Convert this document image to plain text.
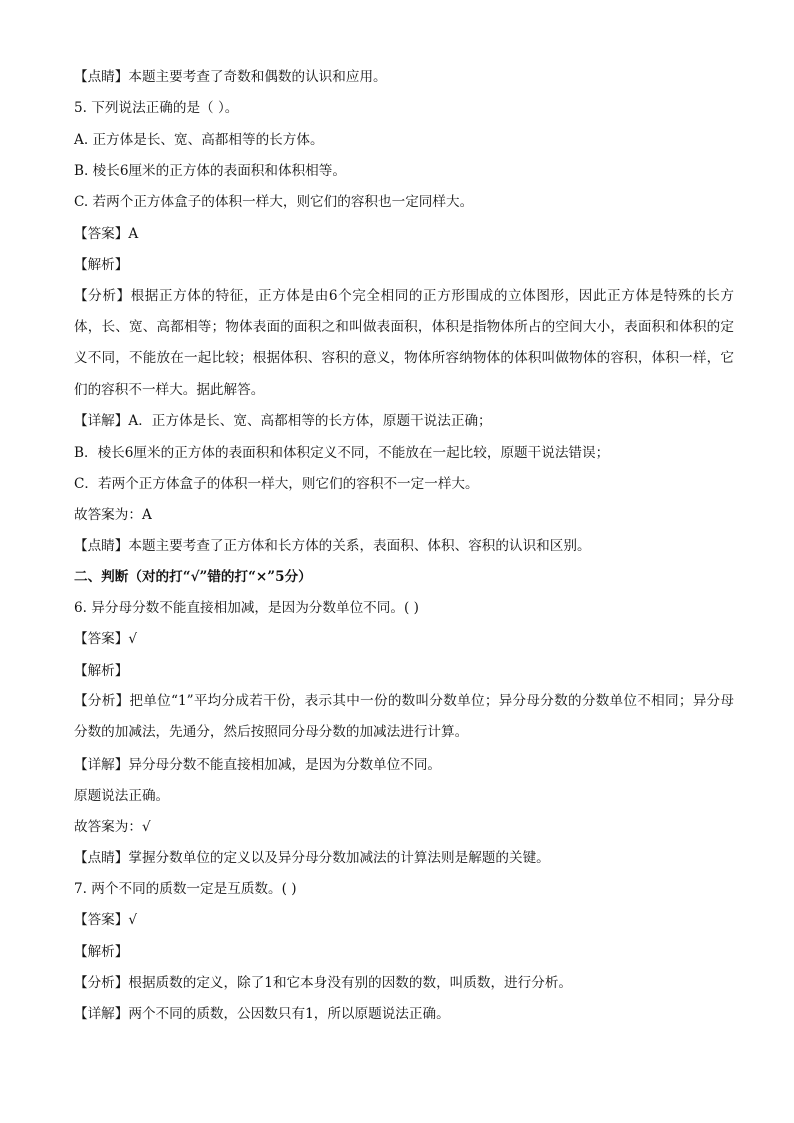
【点睛】本题主要考查了奇数和偶数的认识和应用。
5. 下列说法正确的是（ ）。
A. 正方体是长、宽、高都相等的长方体。
B. 棱长6厘米的正方体的表面积和体积相等。
C. 若两个正方体盒子的体积一样大，则它们的容积也一定同样大。
【答案】A
【解析】
【分析】根据正方体的特征，正方体是由6个完全相同的正方形围成的立体图形，因此正方体是特殊的长方体，长、宽、高都相等；物体表面的面积之和叫做表面积，体积是指物体所占的空间大小，表面积和体积的定义不同，不能放在一起比较；根据体积、容积的意义，物体所容纳物体的体积叫做物体的容积，体积一样，它们的容积不一样大。据此解答。
【详解】A．正方体是长、宽、高都相等的长方体，原题干说法正确；
B．棱长6厘米的正方体的表面积和体积定义不同，不能放在一起比较，原题干说法错误；
C．若两个正方体盒子的体积一样大，则它们的容积不一定一样大。
故答案为：A
【点睛】本题主要考查了正方体和长方体的关系，表面积、体积、容积的认识和区别。
二、判断（对的打“√”错的打“×”5分）
6. 异分母分数不能直接相加减，是因为分数单位不同。( )
【答案】√
【解析】
【分析】把单位“1”平均分成若干份，表示其中一份的数叫分数单位；异分母分数的分数单位不相同；异分母分数的加减法，先通分，然后按照同分母分数的加减法进行计算。
【详解】异分母分数不能直接相加减，是因为分数单位不同。
原题说法正确。
故答案为：√
【点睛】掌握分数单位的定义以及异分母分数加减法的计算法则是解题的关键。
7. 两个不同的质数一定是互质数。( )
【答案】√
【解析】
【分析】根据质数的定义，除了1和它本身没有别的因数的数，叫质数，进行分析。
【详解】两个不同的质数，公因数只有1，所以原题说法正确。
